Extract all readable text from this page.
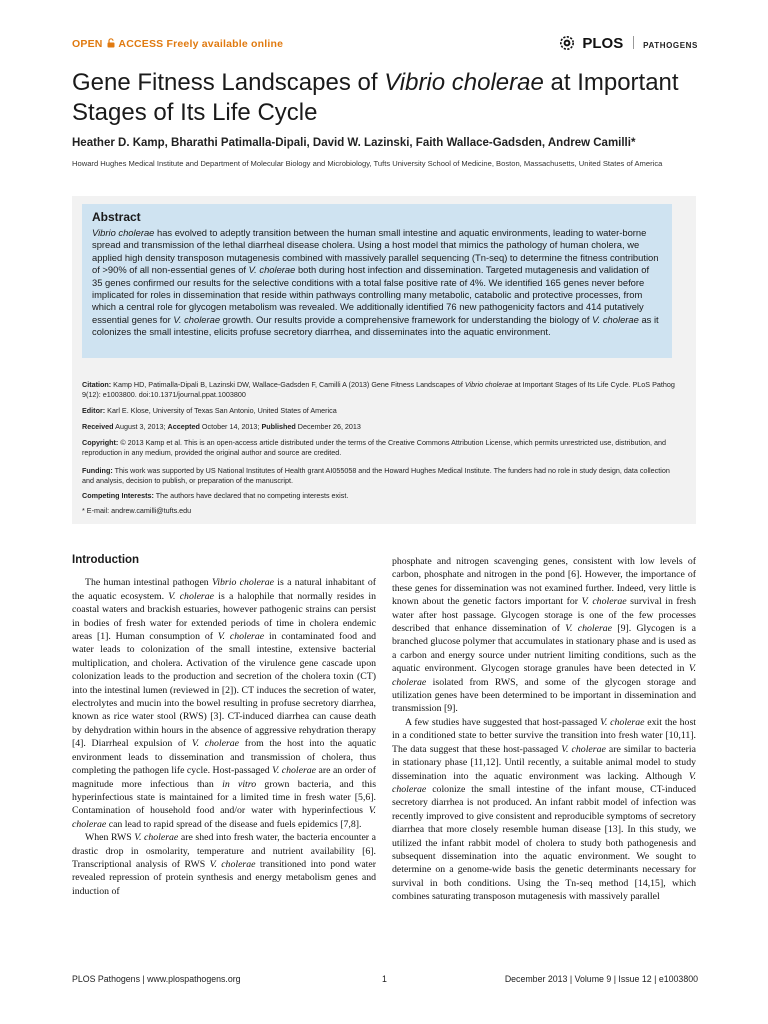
OPEN ACCESS Freely available online	PLOS PATHOGENS
Gene Fitness Landscapes of Vibrio cholerae at Important Stages of Its Life Cycle
Heather D. Kamp, Bharathi Patimalla-Dipali, David W. Lazinski, Faith Wallace-Gadsden, Andrew Camilli*
Howard Hughes Medical Institute and Department of Molecular Biology and Microbiology, Tufts University School of Medicine, Boston, Massachusetts, United States of America
Abstract

Vibrio cholerae has evolved to adeptly transition between the human small intestine and aquatic environments, leading to water-borne spread and transmission of the lethal diarrheal disease cholera. Using a host model that mimics the pathology of human cholera, we applied high density transposon mutagenesis combined with massively parallel sequencing (Tn-seq) to determine the fitness contribution of >90% of all non-essential genes of V. cholerae both during host infection and dissemination. Targeted mutagenesis and validation of 35 genes confirmed our results for the selective conditions with a total false positive rate of 4%. We identified 165 genes never before implicated for roles in dissemination that reside within pathways controlling many metabolic, catabolic and protective processes, from which a central role for glycogen metabolism was revealed. We additionally identified 76 new pathogenicity factors and 414 putatively essential genes for V. cholerae growth. Our results provide a comprehensive framework for understanding the biology of V. cholerae as it colonizes the small intestine, elicits profuse secretory diarrhea, and disseminates into the aquatic environment.

Citation: Kamp HD, Patimalla-Dipali B, Lazinski DW, Wallace-Gadsden F, Camilli A (2013) Gene Fitness Landscapes of Vibrio cholerae at Important Stages of Its Life Cycle. PLoS Pathog 9(12): e1003800. doi:10.1371/journal.ppat.1003800

Editor: Karl E. Klose, University of Texas San Antonio, United States of America

Received August 3, 2013; Accepted October 14, 2013; Published December 26, 2013

Copyright: © 2013 Kamp et al. This is an open-access article distributed under the terms of the Creative Commons Attribution License, which permits unrestricted use, distribution, and reproduction in any medium, provided the original author and source are credited.

Funding: This work was supported by US National Institutes of Health grant AI055058 and the Howard Hughes Medical Institute. The funders had no role in study design, data collection and analysis, decision to publish, or preparation of the manuscript.

Competing Interests: The authors have declared that no competing interests exist.

* E-mail: andrew.camilli@tufts.edu

Introduction

The human intestinal pathogen Vibrio cholerae is a natural inhabitant of the aquatic ecosystem. V. cholerae is a halophile that normally resides in coastal waters and brackish estuaries, however pathogenic strains can persist in bodies of fresh water for extended periods of time in cholera endemic areas [1]. Human consumption of V. cholerae in contaminated food and water leads to colonization of the small intestine, extensive bacterial multiplication, and cholera. Activation of the virulence gene cascade upon colonization leads to the production and secretion of the cholera toxin (CT) into the intestinal lumen (reviewed in [2]). CT induces the secretion of water, electrolytes and mucin into the bowel resulting in profuse secretory diarrhea, known as rice water stool (RWS) [3]. CT-induced diarrhea can cause death by dehydration within hours in the absence of aggressive rehydration therapy [4]. Diarrheal expulsion of V. cholerae from the host into the aquatic environment leads to dissemination and transmission of cholera, thus completing the pathogen life cycle. Host-passaged V. cholerae are an order of magnitude more infectious than in vitro grown bacteria, and this hyperinfectious state is maintained for a limited time in fresh water [5,6]. Contamination of household food and/or water with hyperinfectious V. cholerae can lead to rapid spread of the disease and fuels epidemics [7,8].

When RWS V. cholerae are shed into fresh water, the bacteria encounter a drastic drop in osmolarity, temperature and nutrient availability [6]. Transcriptional analysis of RWS V. cholerae transitioned into pond water revealed repression of protein synthesis and energy metabolism genes and induction of

phosphate and nitrogen scavenging genes, consistent with low levels of carbon, phosphate and nitrogen in the pond [6]. However, the importance of these genes for dissemination was not examined further. Indeed, very little is known about the genetic factors important for V. cholerae survival in fresh water after host passage. Glycogen storage is one of the few processes described that enhance dissemination of V. cholerae [9]. Glycogen is a branched glucose polymer that accumulates in stationary phase and is used as a carbon and energy source under nutrient limiting conditions, such as the aquatic environment. Glycogen storage granules have been detected in V. cholerae isolated from RWS, and some of the glycogen storage and utilization genes have been determined to be important in dissemination and transmission [9].

A few studies have suggested that host-passaged V. cholerae exit the host in a conditioned state to better survive the transition into fresh water [10,11]. The data suggest that these host-passaged V. cholerae are similar to bacteria in stationary phase [11,12]. Until recently, a suitable animal model to study dissemination into the aquatic environment was lacking. Although V. cholerae colonize the small intestine of the infant mouse, CT-induced secretory diarrhea is not produced. An infant rabbit model of infection was recently improved to give consistent and reproducible symptoms of secretory diarrhea that more closely resemble human disease [13]. In this study, we utilized the infant rabbit model of cholera to study both pathogenesis and subsequent dissemination into the aquatic environment. We sought to determine on a genome-wide basis the genetic determinants necessary for survival in both conditions. Using the Tn-seq method [14,15], which combines saturating transposon mutagenesis with massively parallel

PLOS Pathogens | www.plospathogens.org	1	December 2013 | Volume 9 | Issue 12 | e1003800
